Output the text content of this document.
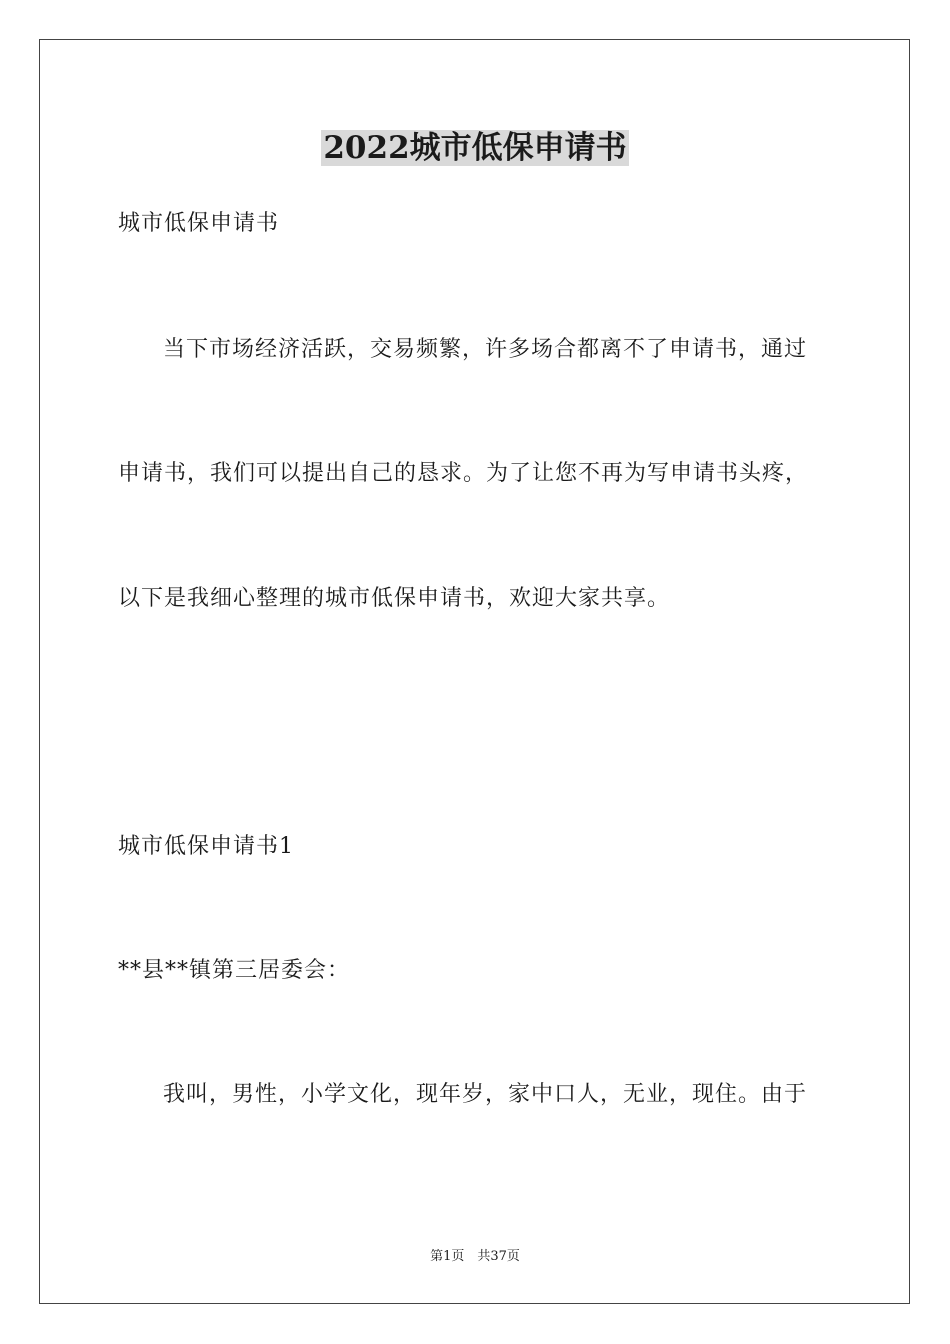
2022城市低保申请书
城市低保申请书
当下市场经济活跃，交易频繁，许多场合都离不了申请书，通过
申请书，我们可以提出自己的恳求。为了让您不再为写申请书头疼，
以下是我细心整理的城市低保申请书，欢迎大家共享。
城市低保申请书1
**县**镇第三居委会：
我叫，男性，小学文化，现年岁，家中口人，无业，现住。由于
第1页　共37页
